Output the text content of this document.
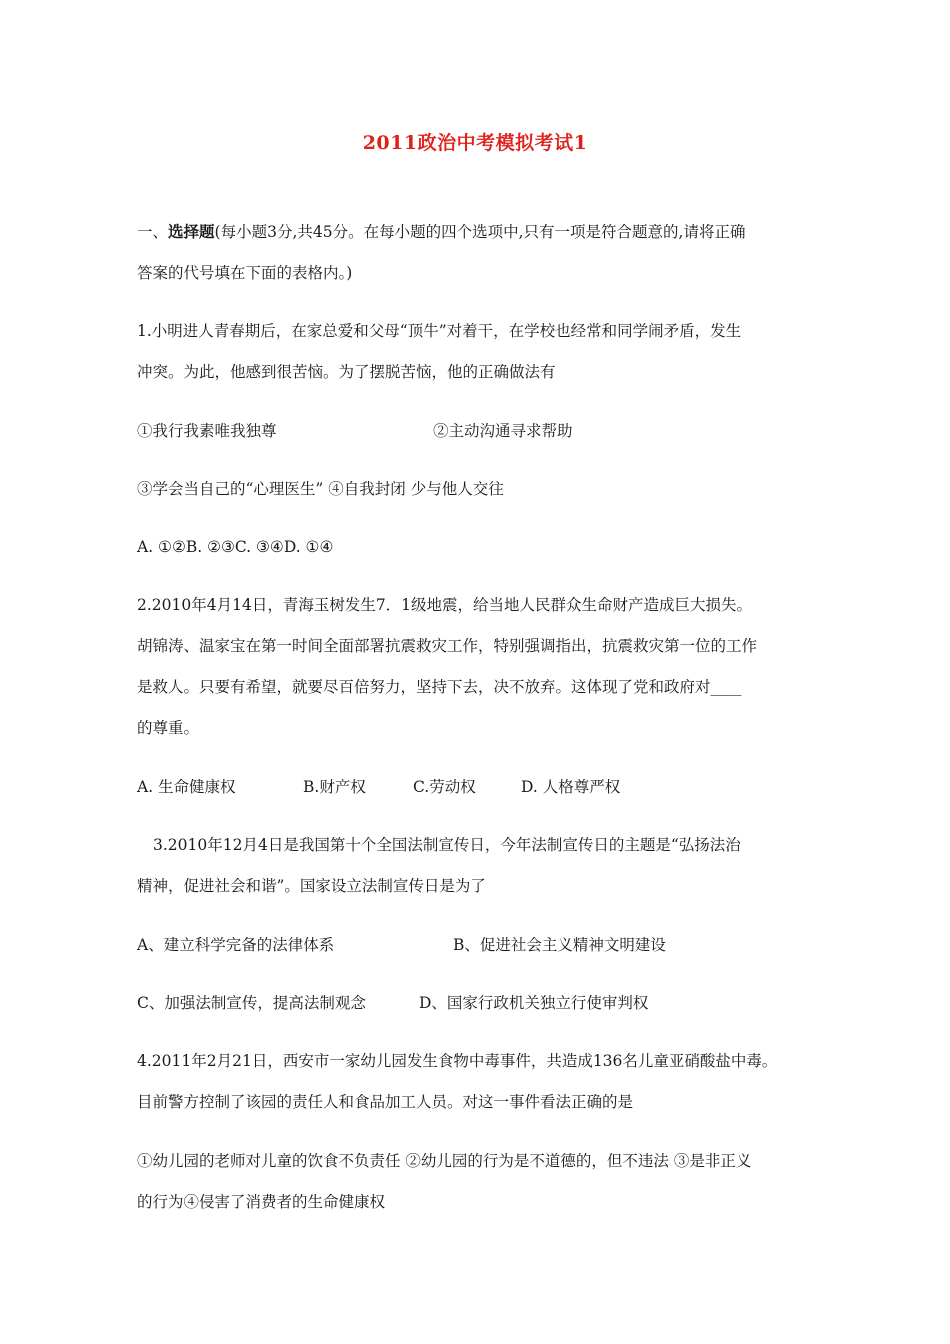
2011政治中考模拟考试1
一、选择题(每小题3分,共45分。在每小题的四个选项中,只有一项是符合题意的,请将正确
答案的代号填在下面的表格内。)
1.小明进人青春期后，在家总爱和父母“顶牛”对着干，在学校也经常和同学闹矛盾，发生
冲突。为此，他感到很苦恼。为了摆脱苦恼，他的正确做法有
①我行我素唯我独尊	②主动沟通寻求帮助
③学会当自己的“心理医生” ④自我封闭 少与他人交往
A. ①②B. ②③C. ③④D. ①④
2.2010年4月14日，青海玉树发生7．1级地震，给当地人民群众生命财产造成巨大损失。
胡锦涛、温家宝在第一时间全面部署抗震救灾工作，特别强调指出，抗震救灾第一位的工作
是救人。只要有希望，就要尽百倍努力，坚持下去，决不放弃。这体现了党和政府对____
的尊重。
A. 生命健康权	B.财产权	C.劳动权	D. 人格尊严权
3.2010年12月4日是我国第十个全国法制宣传日，今年法制宣传日的主题是“弘扬法治
精神，促进社会和谐”。国家设立法制宣传日是为了
A、建立科学完备的法律体系	B、促进社会主义精神文明建设
C、加强法制宣传，提高法制观念	D、国家行政机关独立行使审判权
4.2011年2月21日，西安市一家幼儿园发生食物中毒事件，共造成136名儿童亚硝酸盐中毒。
目前警方控制了该园的责任人和食品加工人员。对这一事件看法正确的是
①幼儿园的老师对儿童的饮食不负责任 ②幼儿园的行为是不道德的，但不违法 ③是非正义
的行为④侵害了消费者的生命健康权
